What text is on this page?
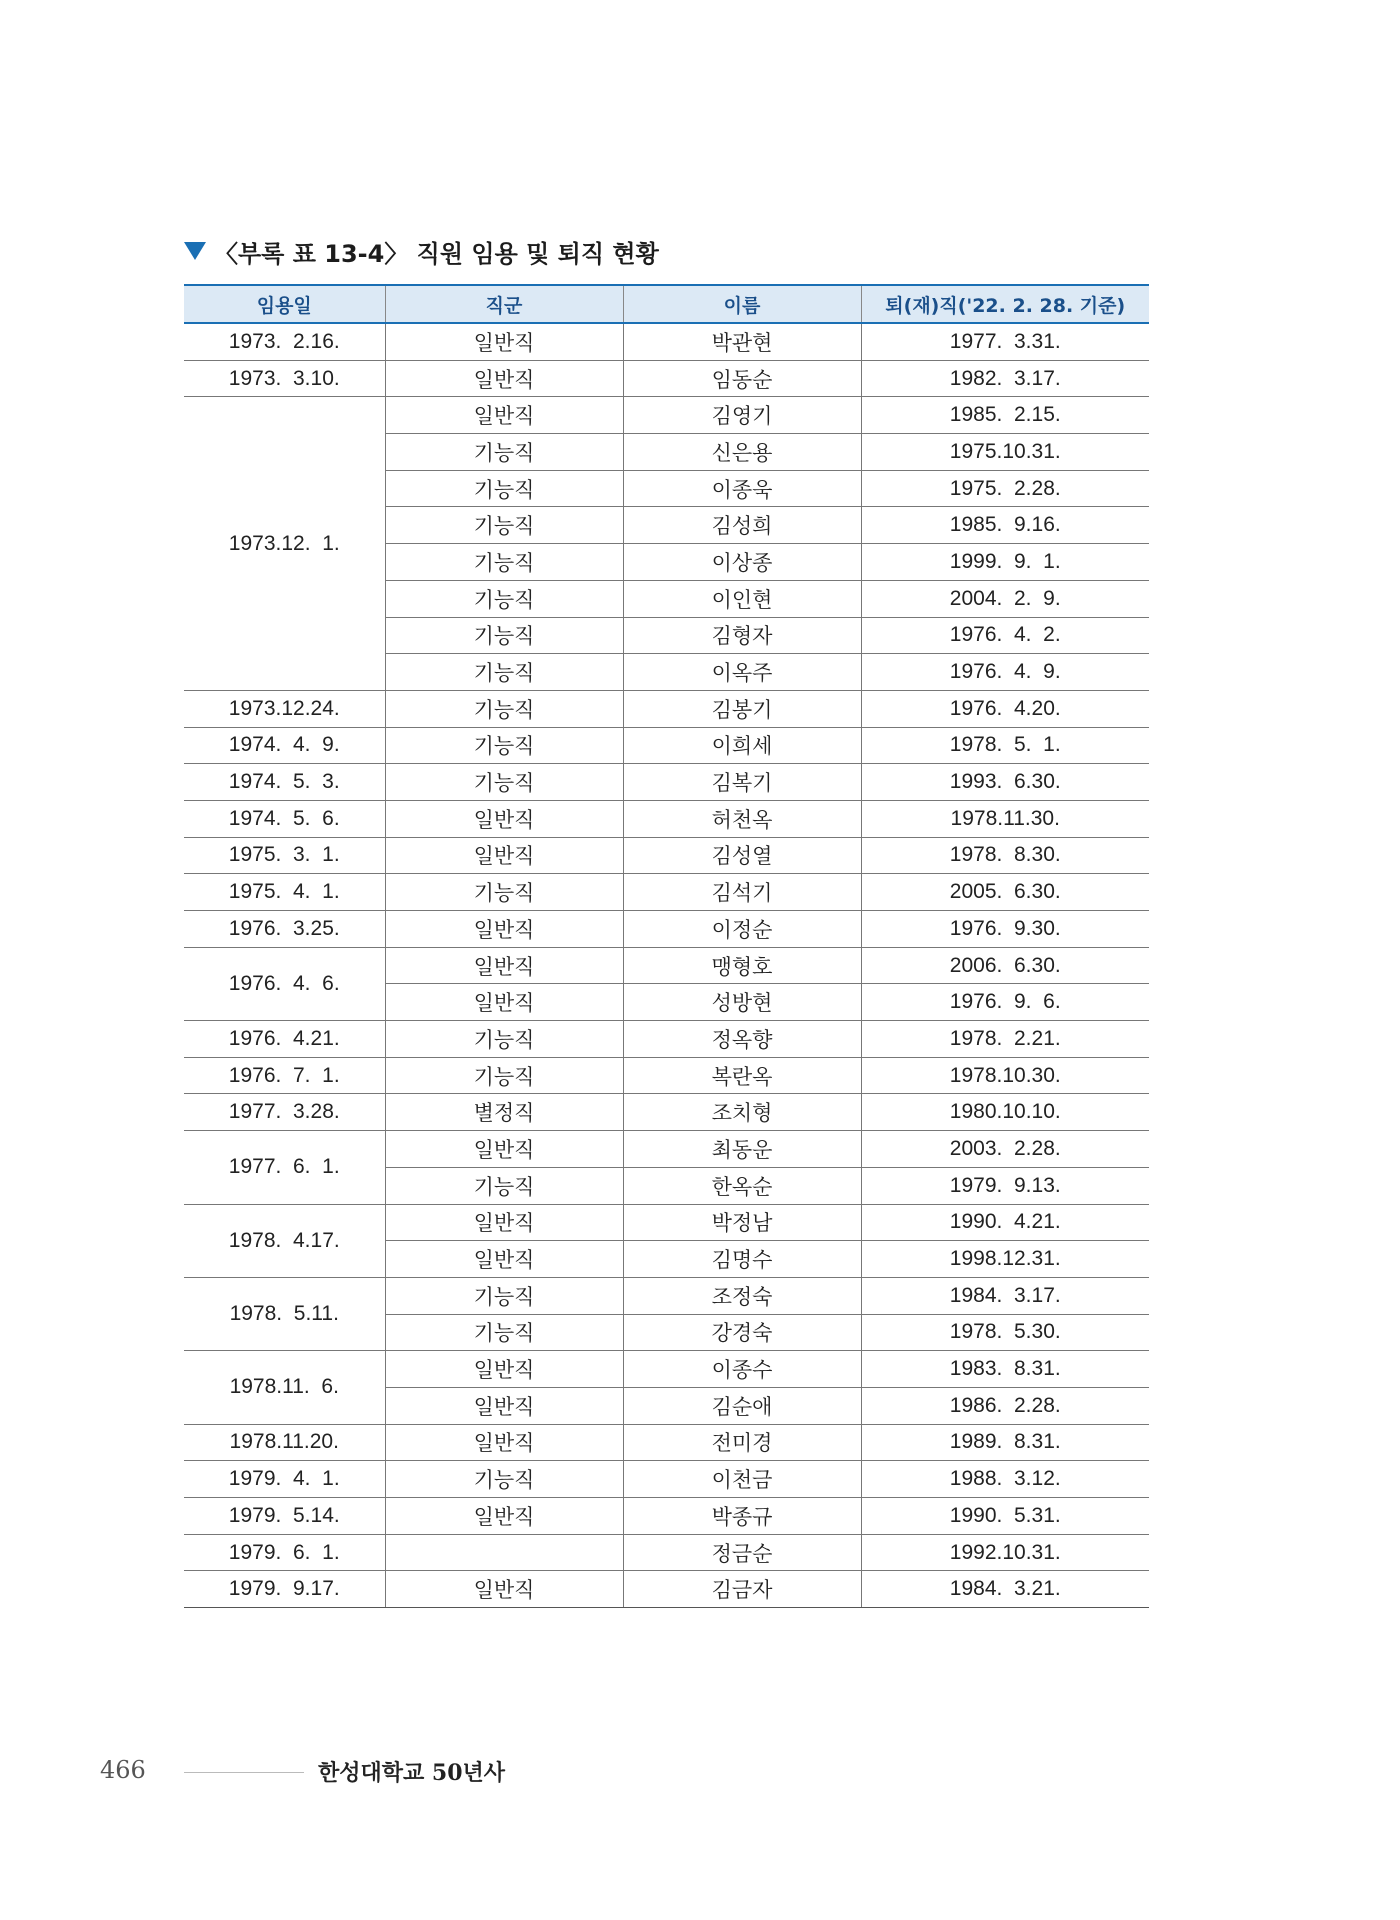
〈부록 표 13-4〉 직원 임용 및 퇴직 현황
임용일	직군	이름	퇴(재)직('22. 2. 28. 기준)
1973.  2.16.	일반직	박관현	1977.  3.31.
1973.  3.10.	일반직	임동순	1982.  3.17.
1973.12.  1.	일반직	김영기	1985.  2.15.
	기능직	신은용	1975.10.31.
	기능직	이종욱	1975.  2.28.
	기능직	김성희	1985.  9.16.
	기능직	이상종	1999.  9.  1.
	기능직	이인현	2004.  2.  9.
	기능직	김형자	1976.  4.  2.
	기능직	이옥주	1976.  4.  9.
1973.12.24.	기능직	김봉기	1976.  4.20.
1974.  4.  9.	기능직	이희세	1978.  5.  1.
1974.  5.  3.	기능직	김복기	1993.  6.30.
1974.  5.  6.	일반직	허천옥	1978.11.30.
1975.  3.  1.	일반직	김성열	1978.  8.30.
1975.  4.  1.	기능직	김석기	2005.  6.30.
1976.  3.25.	일반직	이정순	1976.  9.30.
1976.  4.  6.	일반직	맹형호	2006.  6.30.
	일반직	성방현	1976.  9.  6.
1976.  4.21.	기능직	정옥향	1978.  2.21.
1976.  7.  1.	기능직	복란옥	1978.10.30.
1977.  3.28.	별정직	조치형	1980.10.10.
1977.  6.  1.	일반직	최동운	2003.  2.28.
	기능직	한옥순	1979.  9.13.
1978.  4.17.	일반직	박정남	1990.  4.21.
	일반직	김명수	1998.12.31.
1978.  5.11.	기능직	조정숙	1984.  3.17.
	기능직	강경숙	1978.  5.30.
1978.11.  6.	일반직	이종수	1983.  8.31.
	일반직	김순애	1986.  2.28.
1978.11.20.	일반직	전미경	1989.  8.31.
1979.  4.  1.	기능직	이천금	1988.  3.12.
1979.  5.14.	일반직	박종규	1990.  5.31.
1979.  6.  1.		정금순	1992.10.31.
1979.  9.17.	일반직	김금자	1984.  3.21.
466	한성대학교 50년사
